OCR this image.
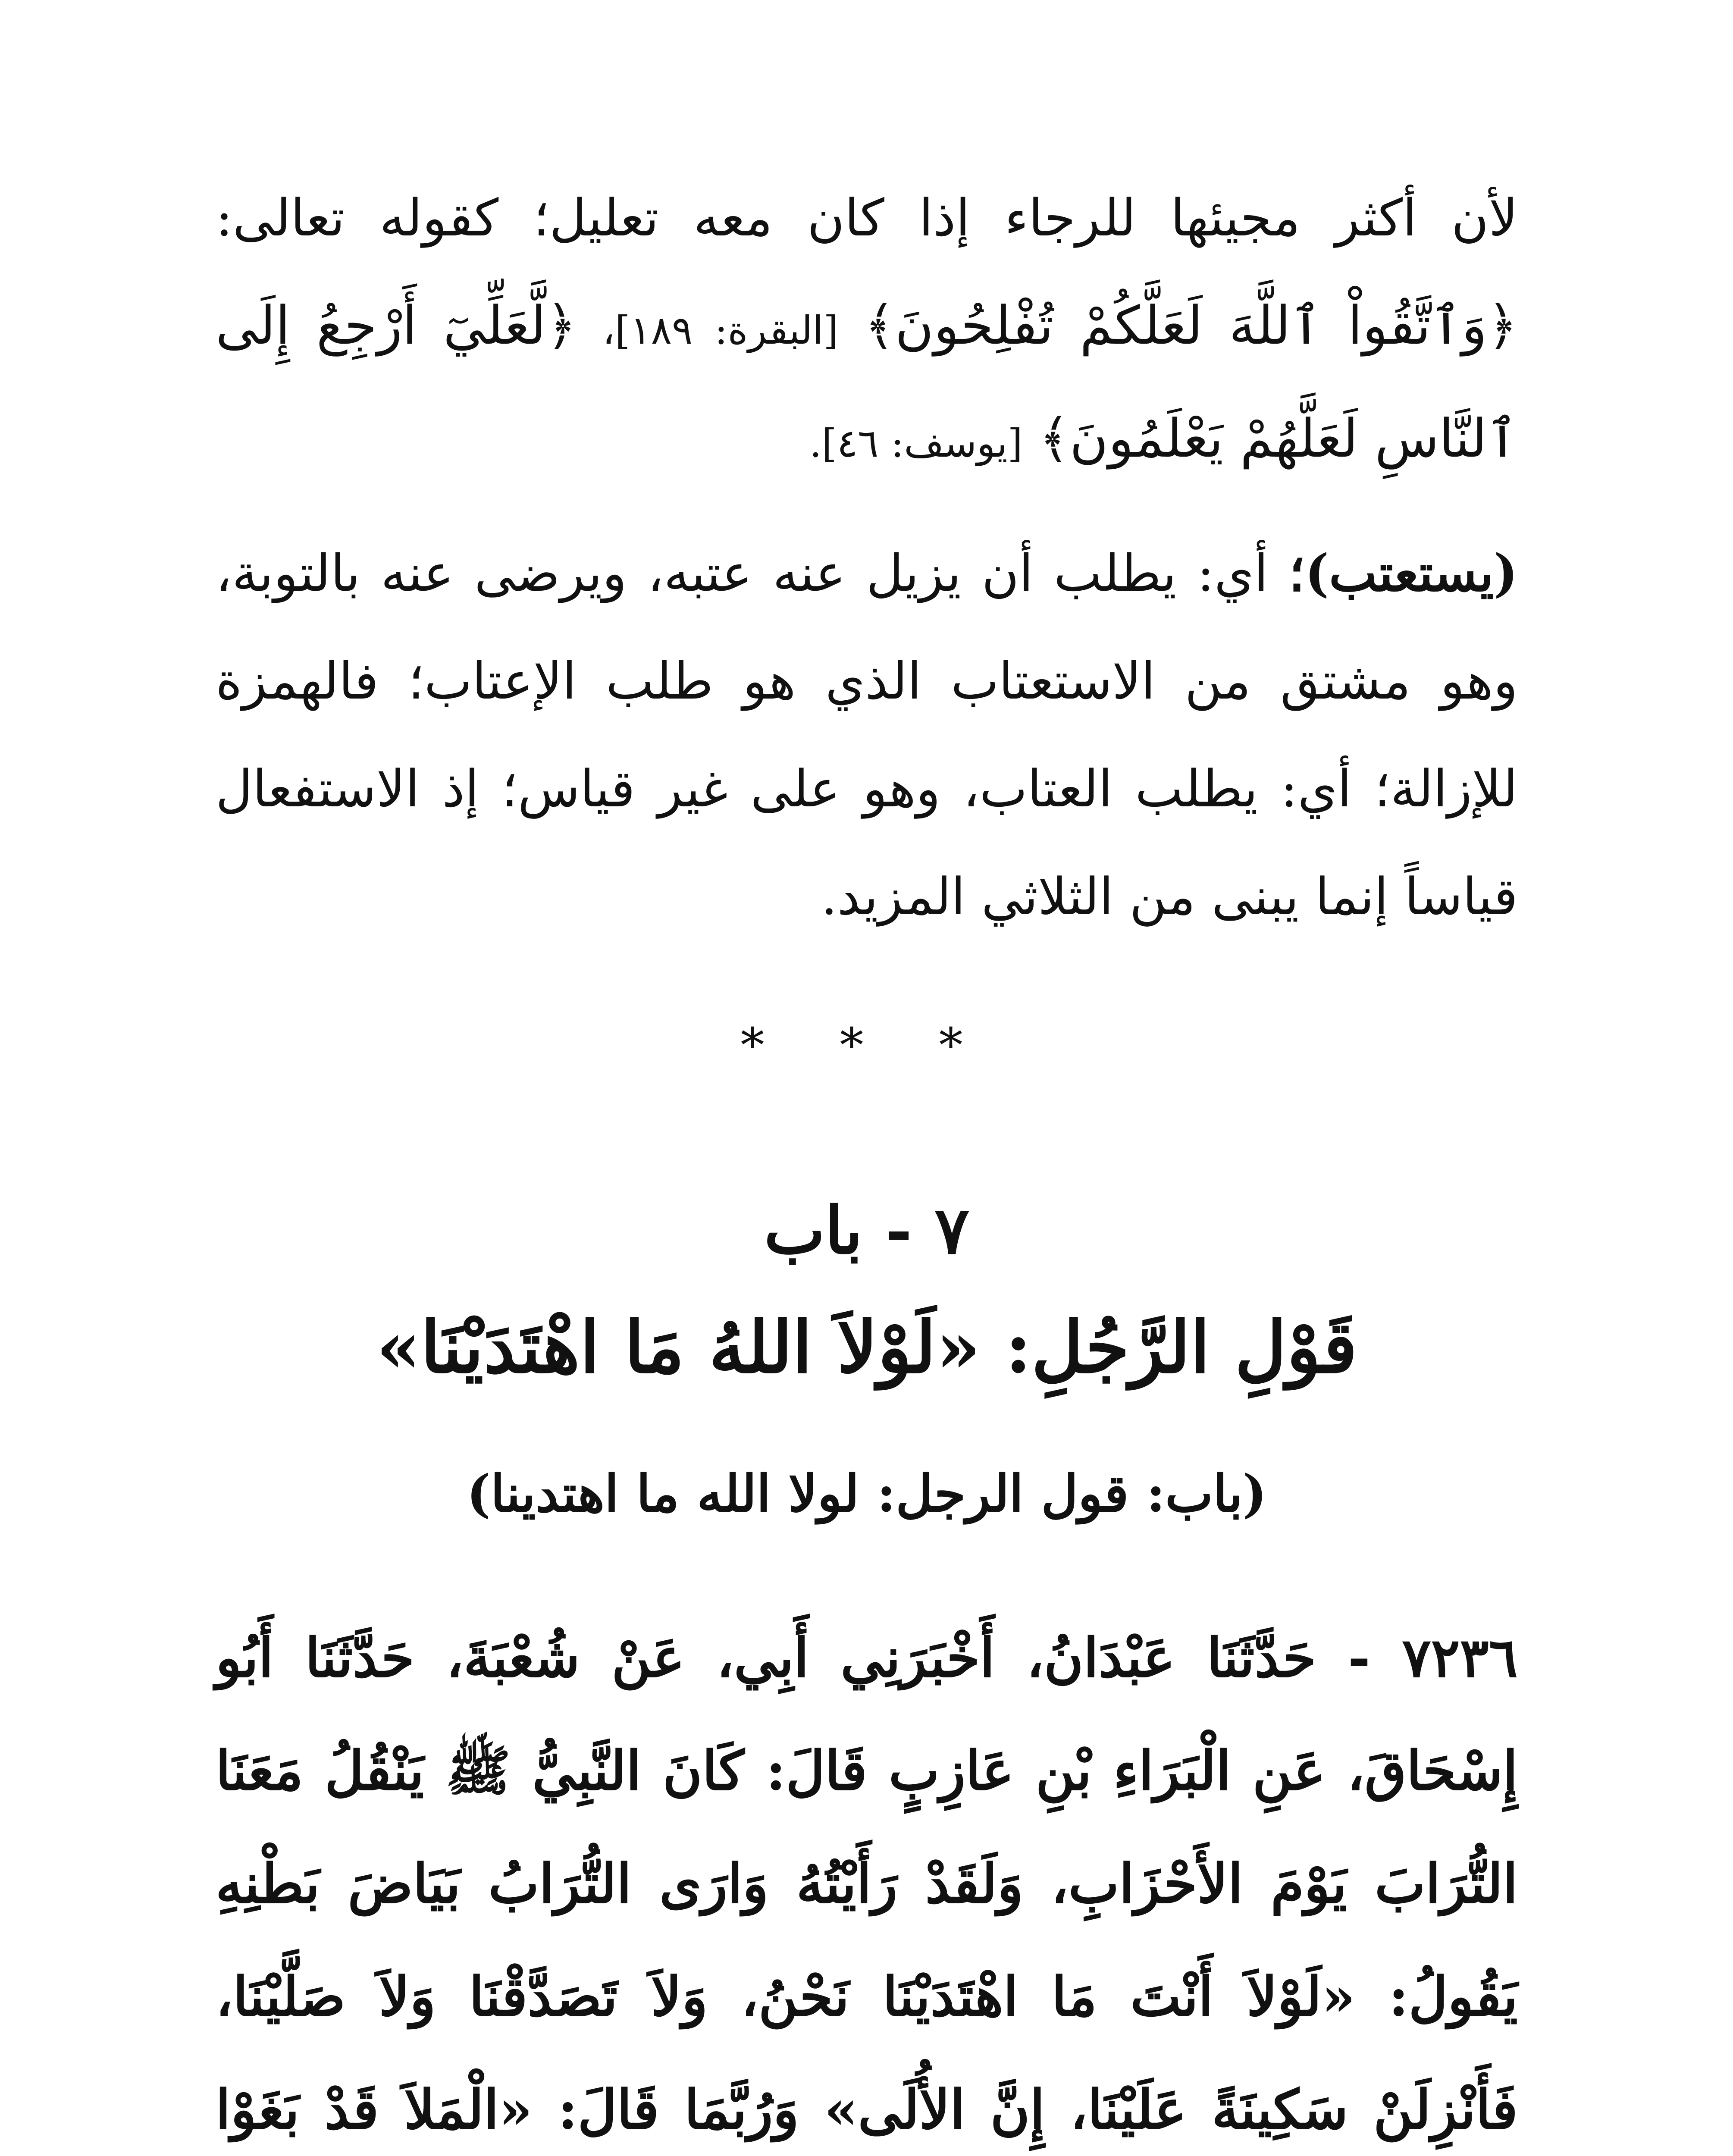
لأن أكثر مجيئها للرجاء إذا كان معه تعليل؛ كقوله تعالى: ﴿وَٱتَّقُواْ ٱللَّهَ لَعَلَّكُمْ تُفْلِحُونَ﴾ [البقرة: ١٨٩]، ﴿لَّعَلِّيٓ أَرْجِعُ إِلَى ٱلنَّاسِ لَعَلَّهُمْ يَعْلَمُونَ﴾ [يوسف: ٤٦].

(يستعتب)؛ أي: يطلب أن يزيل عنه عتبه، ويرضى عنه بالتوبة، وهو مشتق من الاستعتاب الذي هو طلب الإعتاب؛ فالهمزة للإزالة؛ أي: يطلب العتاب، وهو على غير قياس؛ إذ الاستفعال قياساً إنما يبنى من الثلاثي المزيد.

* * *
٧ - باب
قَوْلِ الرَّجُلِ: «لَوْلاَ اللهُ مَا اهْتَدَيْنَا»
(باب: قول الرجل: لولا الله ما اهتدينا)

٧٢٣٦ - حَدَّثَنَا عَبْدَانُ، أَخْبَرَنِي أَبِي، عَنْ شُعْبَةَ، حَدَّثَنَا أَبُو إِسْحَاقَ، عَنِ الْبَرَاءِ بْنِ عَازِبٍ قَالَ: كَانَ النَّبِيُّ ﷺ يَنْقُلُ مَعَنَا التُّرَابَ يَوْمَ الأَحْزَابِ، وَلَقَدْ رَأَيْتُهُ وَارَى التُّرَابُ بَيَاضَ بَطْنِهِ يَقُولُ: «لَوْلاَ أَنْتَ مَا اهْتَدَيْنَا نَحْنُ، وَلاَ تَصَدَّقْنَا وَلاَ صَلَّيْنَا، فَأَنْزِلَنْ سَكِينَةً عَلَيْنَا، إِنَّ الأُلَى» وَرُبَّمَا قَالَ: «الْمَلاَ قَدْ بَغَوْا
